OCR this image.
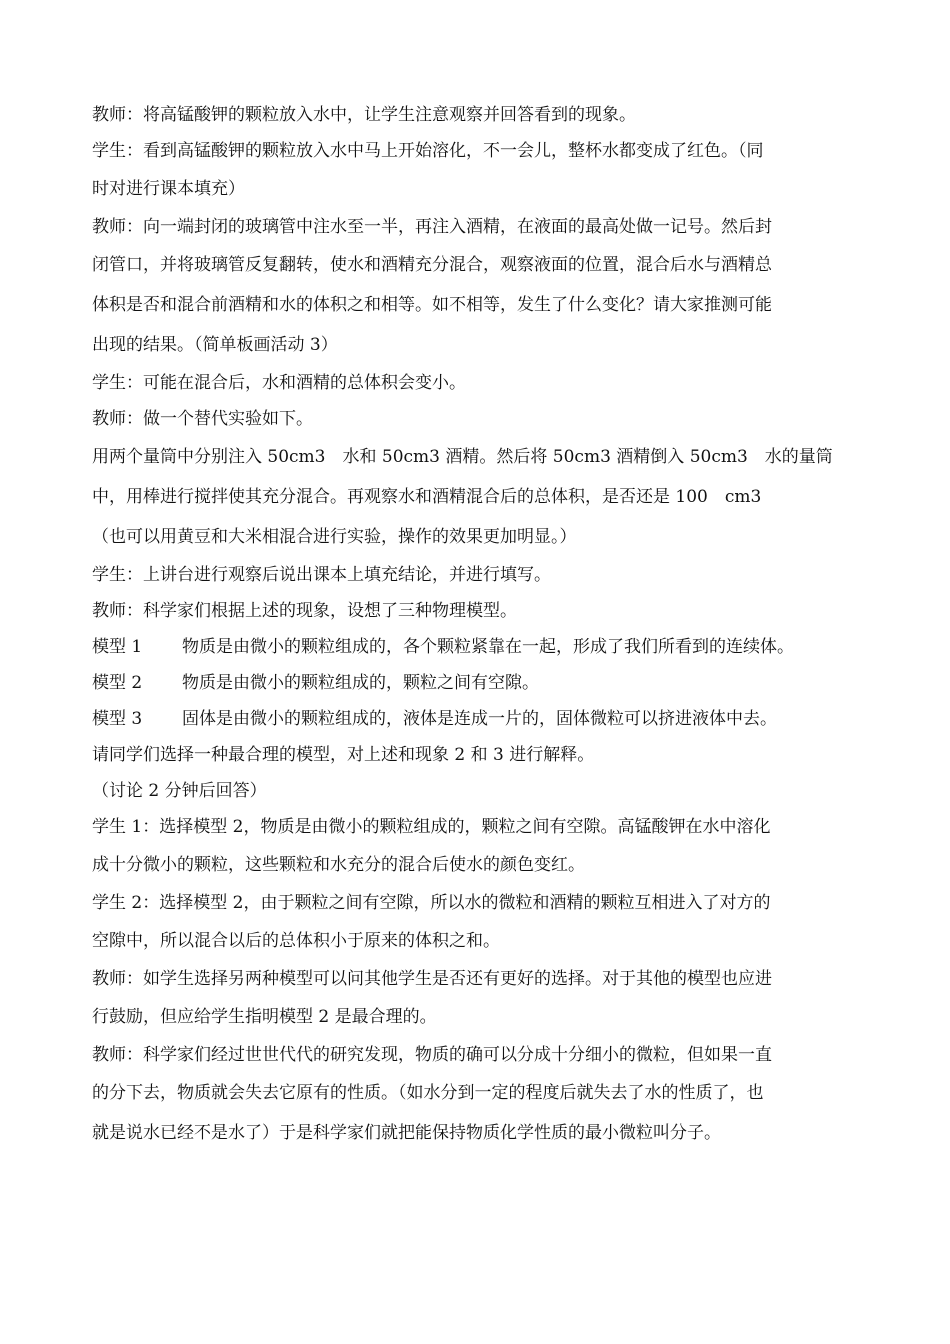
教师：将高锰酸钾的颗粒放入水中，让学生注意观察并回答看到的现象。

学生：看到高锰酸钾的颗粒放入水中马上开始溶化，不一会儿，整杯水都变成了红色。（同

时对进行课本填充）

教师：向一端封闭的玻璃管中注水至一半，再注入酒精，在液面的最高处做一记号。然后封

闭管口，并将玻璃管反复翻转，使水和酒精充分混合，观察液面的位置，混合后水与酒精总

体积是否和混合前酒精和水的体积之和相等。如不相等，发生了什么变化？请大家推测可能

出现的结果。（简单板画活动 3）

学生：可能在混合后，水和酒精的总体积会变小。

教师：做一个替代实验如下。

用两个量筒中分别注入 50cm3　水和 50cm3 酒精。然后将 50cm3 酒精倒入 50cm3　水的量筒

中，用棒进行搅拌使其充分混合。再观察水和酒精混合后的总体积，是否还是 100　cm3

（也可以用黄豆和大米相混合进行实验，操作的效果更加明显。）

学生：上讲台进行观察后说出课本上填充结论，并进行填写。

教师：科学家们根据上述的现象，设想了三种物理模型。

模型 1	物质是由微小的颗粒组成的，各个颗粒紧靠在一起，形成了我们所看到的连续体。
模型 2	物质是由微小的颗粒组成的，颗粒之间有空隙。
模型 3	固体是由微小的颗粒组成的，液体是连成一片的，固体微粒可以挤进液体中去。

请同学们选择一种最合理的模型，对上述和现象 2 和 3 进行解释。

（讨论 2 分钟后回答）

学生 1：选择模型 2，物质是由微小的颗粒组成的，颗粒之间有空隙。高锰酸钾在水中溶化

成十分微小的颗粒，这些颗粒和水充分的混合后使水的颜色变红。

学生 2：选择模型 2，由于颗粒之间有空隙，所以水的微粒和酒精的颗粒互相进入了对方的

空隙中，所以混合以后的总体积小于原来的体积之和。

教师：如学生选择另两种模型可以问其他学生是否还有更好的选择。对于其他的模型也应进

行鼓励，但应给学生指明模型 2 是最合理的。

教师：科学家们经过世世代代的研究发现，物质的确可以分成十分细小的微粒，但如果一直

的分下去，物质就会失去它原有的性质。（如水分到一定的程度后就失去了水的性质了，也

就是说水已经不是水了）于是科学家们就把能保持物质化学性质的最小微粒叫分子。
